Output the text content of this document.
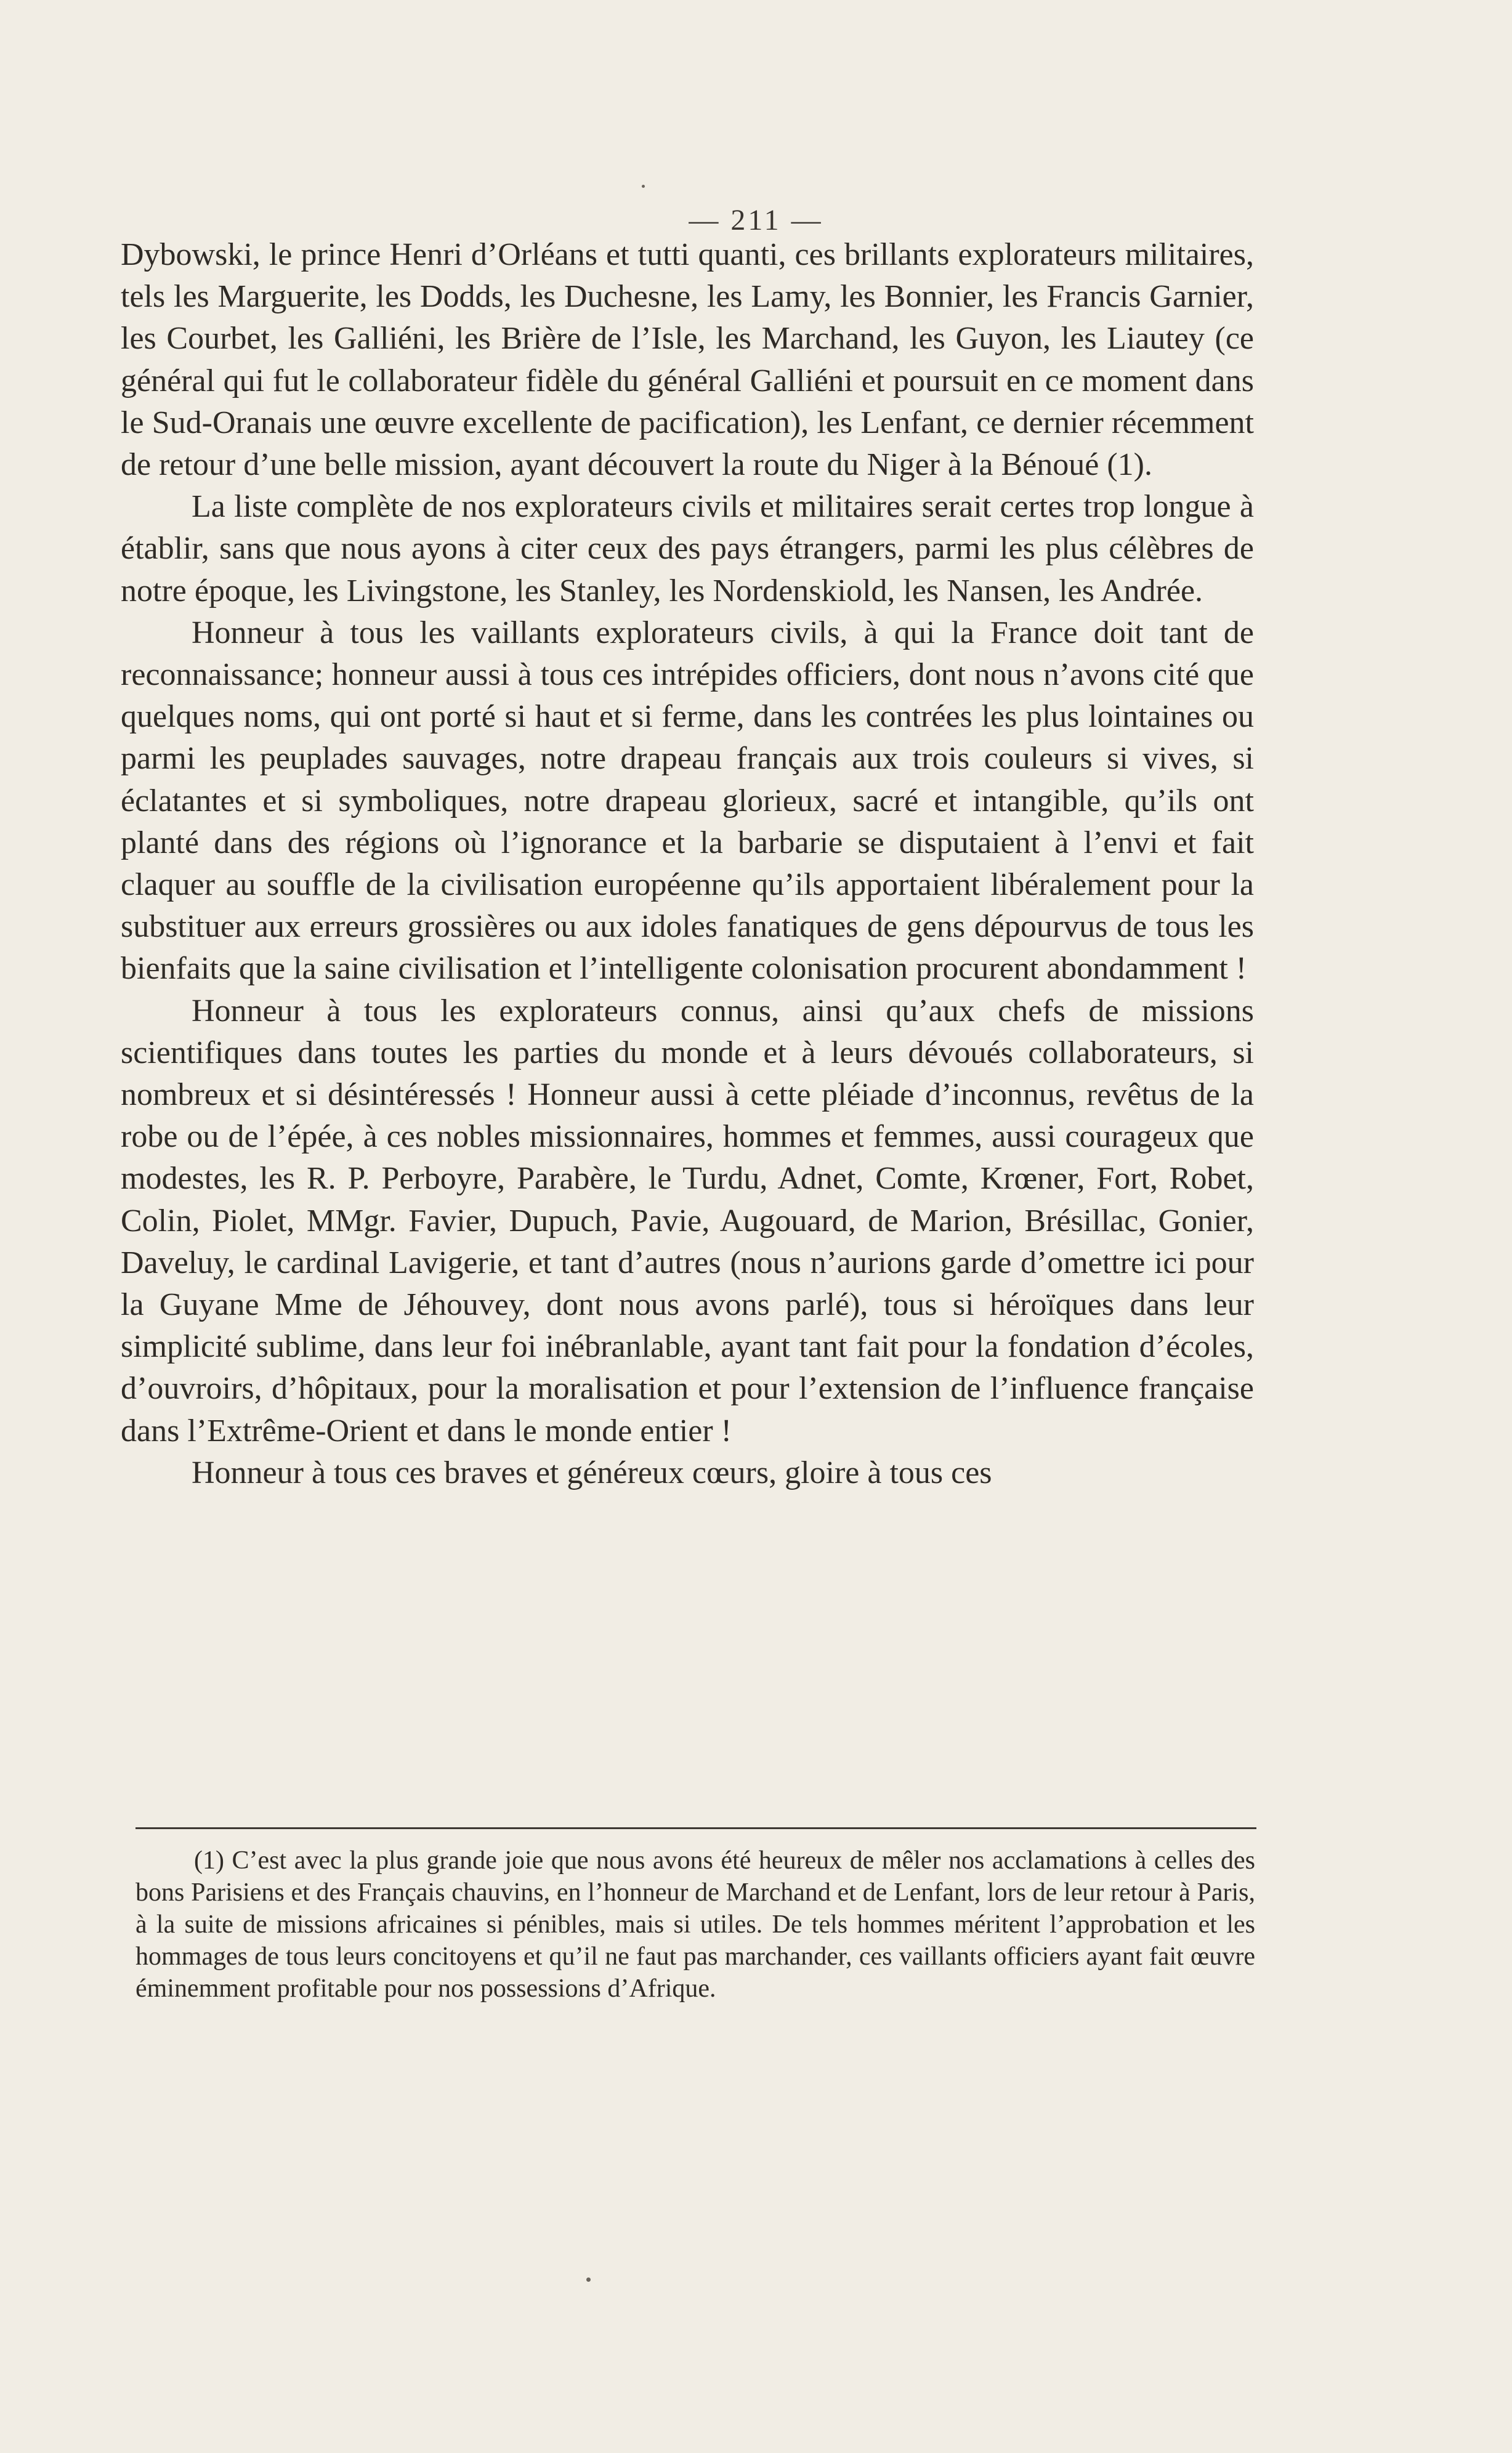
— 211 —

Dybowski, le prince Henri d’Orléans et tutti quanti, ces brillants explorateurs militaires, tels les Marguerite, les Dodds, les Duchesne, les Lamy, les Bonnier, les Francis Garnier, les Courbet, les Galliéni, les Brière de l’Isle, les Marchand, les Guyon, les Liautey (ce général qui fut le collaborateur fidèle du général Galliéni et poursuit en ce moment dans le Sud-Oranais une œuvre excellente de pacification), les Lenfant, ce dernier récemment de retour d’une belle mission, ayant découvert la route du Niger à la Bénoué (1).

La liste complète de nos explorateurs civils et militaires serait certes trop longue à établir, sans que nous ayons à citer ceux des pays étrangers, parmi les plus célèbres de notre époque, les Livingstone, les Stanley, les Nordenskiold, les Nansen, les Andrée.

Honneur à tous les vaillants explorateurs civils, à qui la France doit tant de reconnaissance; honneur aussi à tous ces intrépides officiers, dont nous n’avons cité que quelques noms, qui ont porté si haut et si ferme, dans les contrées les plus lointaines ou parmi les peuplades sauvages, notre drapeau français aux trois couleurs si vives, si éclatantes et si symboliques, notre drapeau glorieux, sacré et intangible, qu’ils ont planté dans des régions où l’ignorance et la barbarie se disputaient à l’envi et fait claquer au souffle de la civilisation européenne qu’ils apportaient libéralement pour la substituer aux erreurs grossières ou aux idoles fanatiques de gens dépourvus de tous les bienfaits que la saine civilisation et l’intelligente colonisation procurent abondamment !

Honneur à tous les explorateurs connus, ainsi qu’aux chefs de missions scientifiques dans toutes les parties du monde et à leurs dévoués collaborateurs, si nombreux et si désintéressés ! Honneur aussi à cette pléiade d’inconnus, revêtus de la robe ou de l’épée, à ces nobles missionnaires, hommes et femmes, aussi courageux que modestes, les R. P. Perboyre, Parabère, le Turdu, Adnet, Comte, Krœner, Fort, Robet, Colin, Piolet, MMgr. Favier, Dupuch, Pavie, Augouard, de Marion, Brésillac, Gonier, Daveluy, le cardinal Lavigerie, et tant d’autres (nous n’aurions garde d’omettre ici pour la Guyane Mme de Jéhouvey, dont nous avons parlé), tous si héroïques dans leur simplicité sublime, dans leur foi inébranlable, ayant tant fait pour la fondation d’écoles, d’ouvroirs, d’hôpitaux, pour la moralisation et pour l’extension de l’influence française dans l’Extrême-Orient et dans le monde entier !

Honneur à tous ces braves et généreux cœurs, gloire à tous ces

(1) C’est avec la plus grande joie que nous avons été heureux de mêler nos acclamations à celles des bons Parisiens et des Français chauvins, en l’honneur de Marchand et de Lenfant, lors de leur retour à Paris, à la suite de missions africaines si pénibles, mais si utiles. De tels hommes méritent l’approbation et les hommages de tous leurs concitoyens et qu’il ne faut pas marchander, ces vaillants officiers ayant fait œuvre éminemment profitable pour nos possessions d’Afrique.
